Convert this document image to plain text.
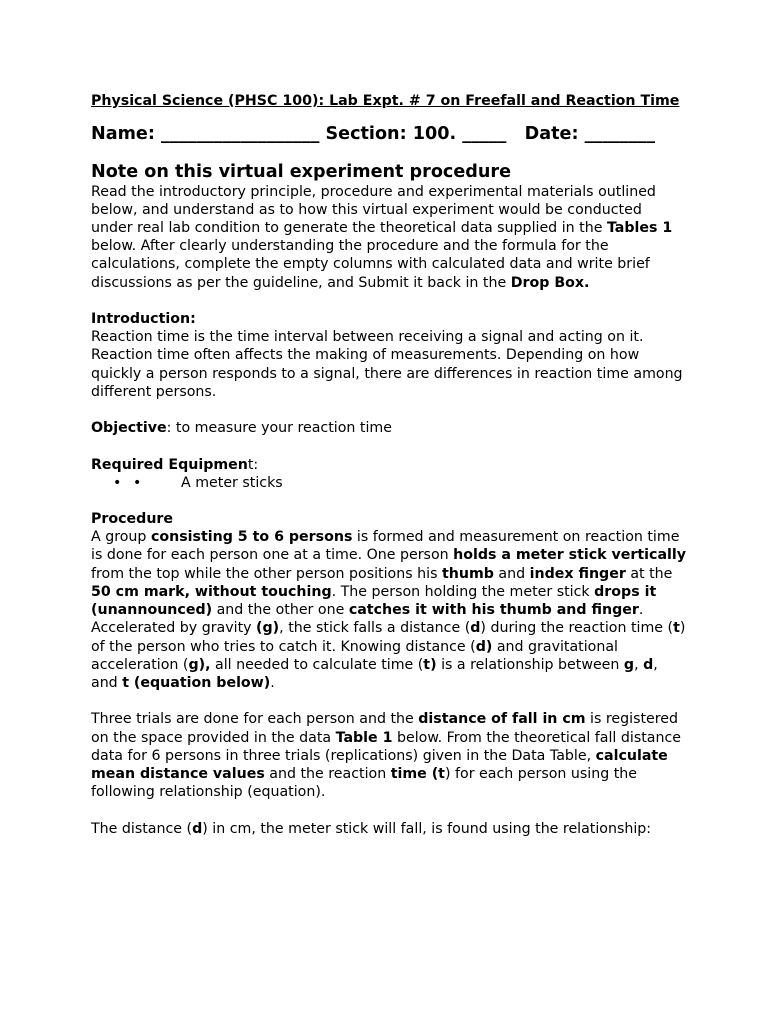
Physical Science (PHSC 100): Lab Expt. # 7 on Freefall and Reaction Time

Name: __________________ Section: 100. _____   Date: ________

Note on this virtual experiment procedure

Read the introductory principle, procedure and experimental materials outlined below, and understand as to how this virtual experiment would be conducted under real lab condition to generate the theoretical data supplied in the Tables 1 below. After clearly understanding the procedure and the formula for the calculations, complete the empty columns with calculated data and write brief discussions as per the guideline, and Submit it back in the Drop Box.

Introduction:

Reaction time is the time interval between receiving a signal and acting on it. Reaction time often affects the making of measurements. Depending on how quickly a person responds to a signal, there are differences in reaction time among different persons.

Objective: to measure your reaction time

Required Equipment:

• •	A meter sticks

Procedure

A group consisting 5 to 6 persons is formed and measurement on reaction time is done for each person one at a time. One person holds a meter stick vertically from the top while the other person positions his thumb and index finger at the 50 cm mark, without touching. The person holding the meter stick drops it (unannounced) and the other one catches it with his thumb and finger. Accelerated by gravity (g), the stick falls a distance (d) during the reaction time (t) of the person who tries to catch it. Knowing distance (d) and gravitational acceleration (g), all needed to calculate time (t) is a relationship between g, d, and t (equation below).

Three trials are done for each person and the distance of fall in cm is registered on the space provided in the data Table 1 below. From the theoretical fall distance data for 6 persons in three trials (replications) given in the Data Table, calculate mean distance values and the reaction time (t) for each person using the following relationship (equation).

The distance (d) in cm, the meter stick will fall, is found using the relationship:
